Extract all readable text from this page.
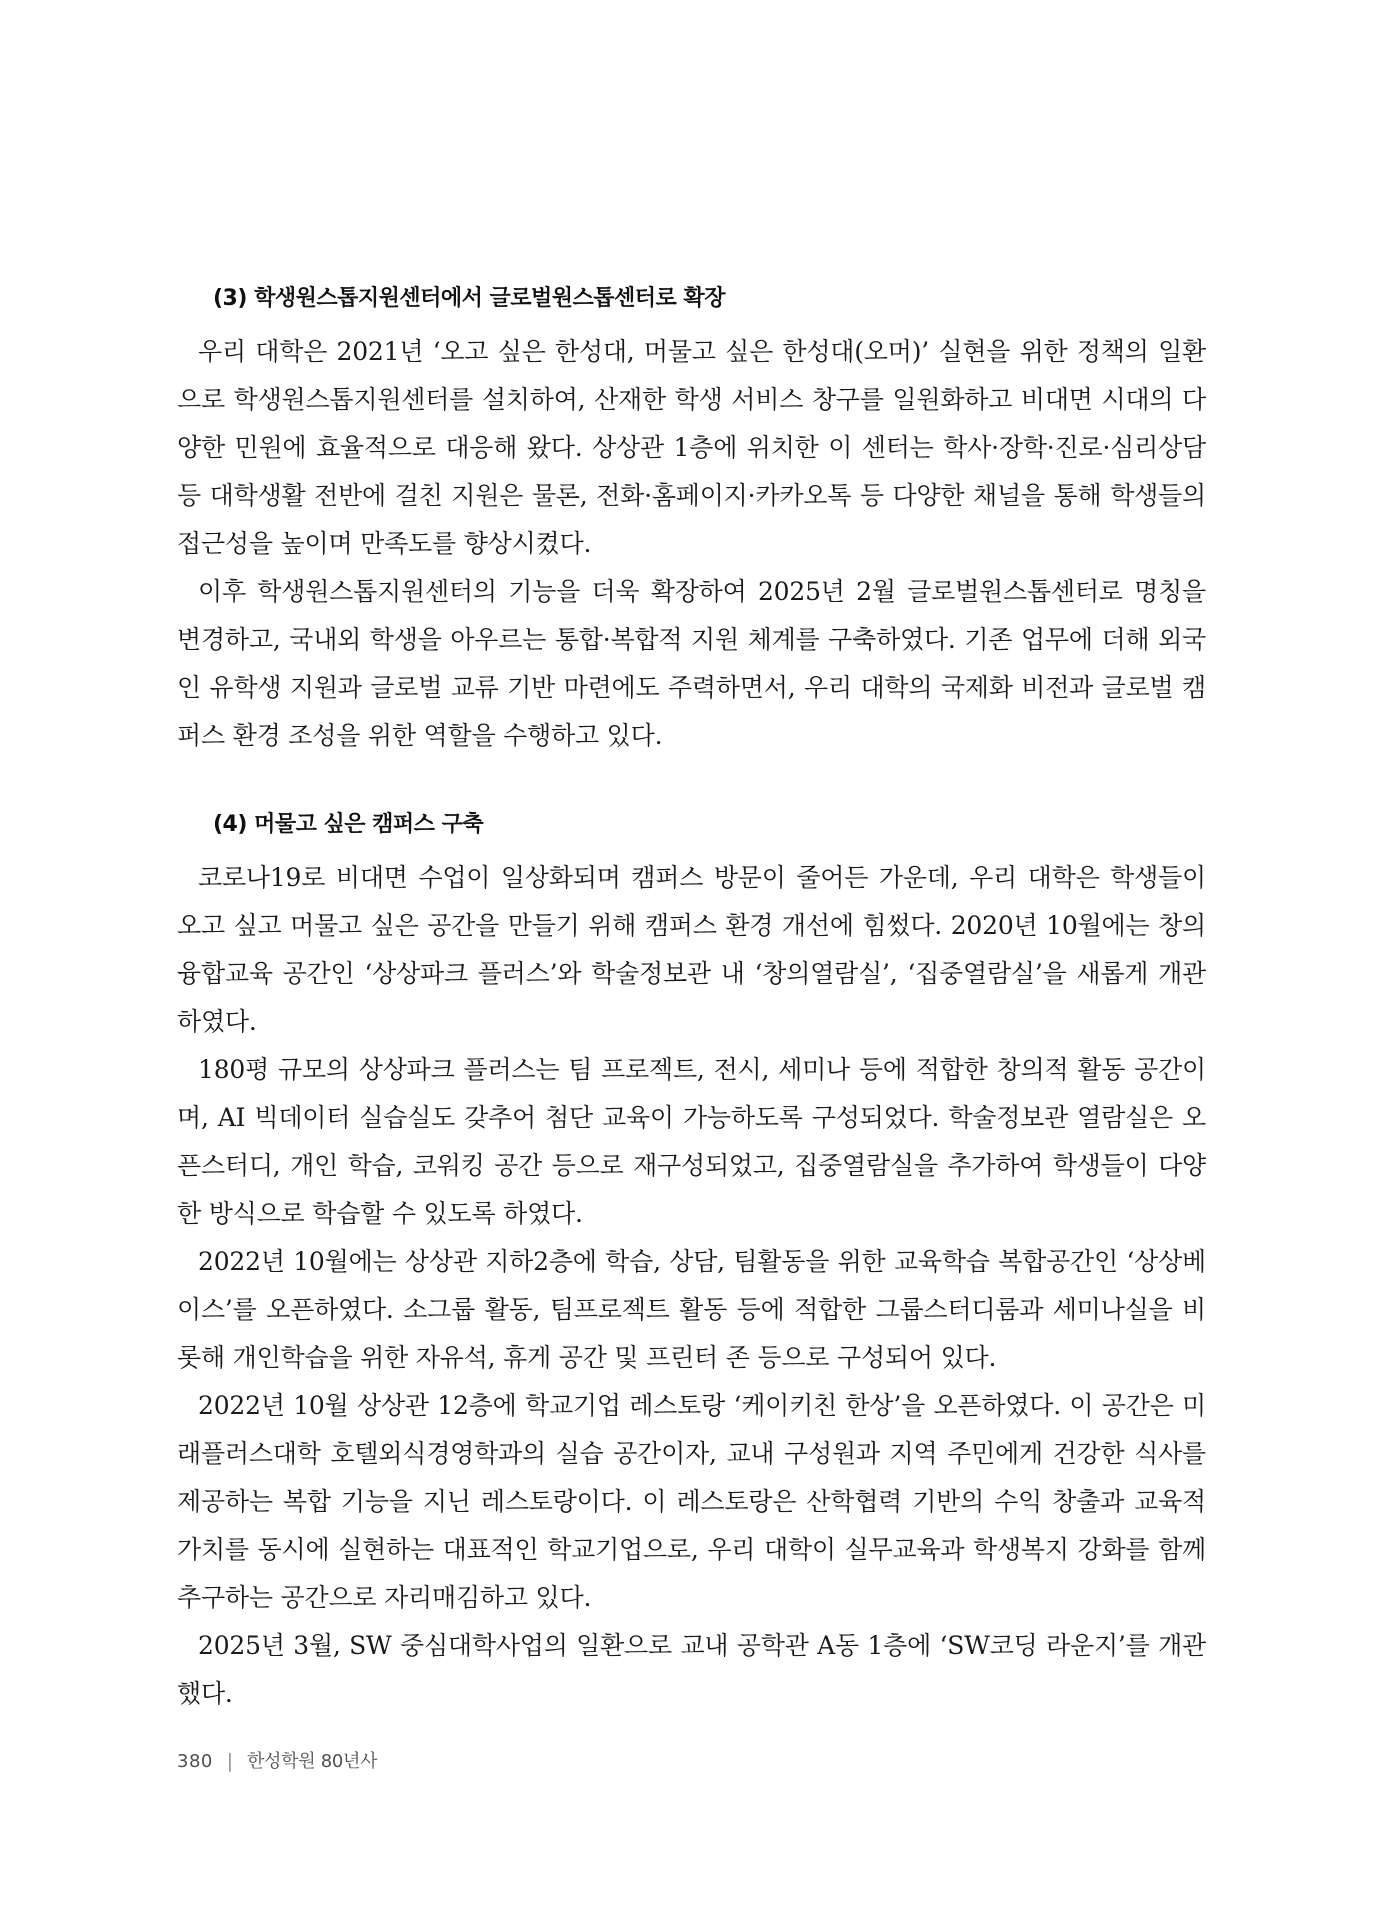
(3) 학생원스톱지원센터에서 글로벌원스톱센터로 확장

우리 대학은 2021년 ‘오고 싶은 한성대, 머물고 싶은 한성대(오머)’ 실현을 위한 정책의 일환으로 학생원스톱지원센터를 설치하여, 산재한 학생 서비스 창구를 일원화하고 비대면 시대의 다양한 민원에 효율적으로 대응해 왔다. 상상관 1층에 위치한 이 센터는 학사·장학·진로·심리상담 등 대학생활 전반에 걸친 지원은 물론, 전화·홈페이지·카카오톡 등 다양한 채널을 통해 학생들의 접근성을 높이며 만족도를 향상시켰다.

이후 학생원스톱지원센터의 기능을 더욱 확장하여 2025년 2월 글로벌원스톱센터로 명칭을 변경하고, 국내외 학생을 아우르는 통합·복합적 지원 체계를 구축하였다. 기존 업무에 더해 외국인 유학생 지원과 글로벌 교류 기반 마련에도 주력하면서, 우리 대학의 국제화 비전과 글로벌 캠퍼스 환경 조성을 위한 역할을 수행하고 있다.

(4) 머물고 싶은 캠퍼스 구축

코로나19로 비대면 수업이 일상화되며 캠퍼스 방문이 줄어든 가운데, 우리 대학은 학생들이 오고 싶고 머물고 싶은 공간을 만들기 위해 캠퍼스 환경 개선에 힘썼다. 2020년 10월에는 창의융합교육 공간인 ‘상상파크 플러스’와 학술정보관 내 ‘창의열람실’, ‘집중열람실’을 새롭게 개관하였다.

180평 규모의 상상파크 플러스는 팀 프로젝트, 전시, 세미나 등에 적합한 창의적 활동 공간이며, AI 빅데이터 실습실도 갖추어 첨단 교육이 가능하도록 구성되었다. 학술정보관 열람실은 오픈스터디, 개인 학습, 코워킹 공간 등으로 재구성되었고, 집중열람실을 추가하여 학생들이 다양한 방식으로 학습할 수 있도록 하였다.

2022년 10월에는 상상관 지하2층에 학습, 상담, 팀활동을 위한 교육학습 복합공간인 ‘상상베이스’를 오픈하였다. 소그룹 활동, 팀프로젝트 활동 등에 적합한 그룹스터디룸과 세미나실을 비롯해 개인학습을 위한 자유석, 휴게 공간 및 프린터 존 등으로 구성되어 있다.

2022년 10월 상상관 12층에 학교기업 레스토랑 ‘케이키친 한상’을 오픈하였다. 이 공간은 미래플러스대학 호텔외식경영학과의 실습 공간이자, 교내 구성원과 지역 주민에게 건강한 식사를 제공하는 복합 기능을 지닌 레스토랑이다. 이 레스토랑은 산학협력 기반의 수익 창출과 교육적 가치를 동시에 실현하는 대표적인 학교기업으로, 우리 대학이 실무교육과 학생복지 강화를 함께 추구하는 공간으로 자리매김하고 있다.

2025년 3월, SW 중심대학사업의 일환으로 교내 공학관 A동 1층에 ‘SW코딩 라운지’를 개관했다.

380 | 한성학원 80년사
